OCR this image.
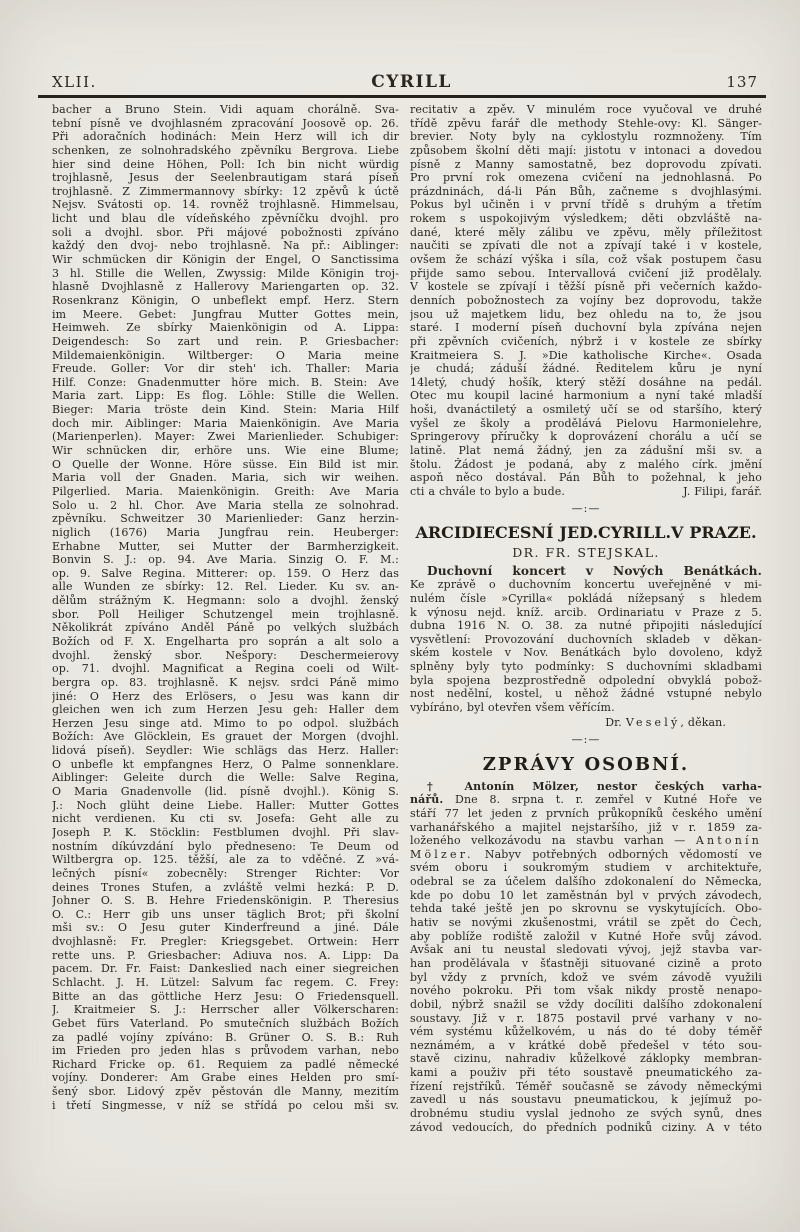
XLII.	CYRILL	137
bacher a Bruno Stein. Vidi aquam chorálně. Sva-
tební písně ve dvojhlasném zpracování Joosově op. 26.
Při adoračních hodinách: Mein Herz will ich dir
schenken, ze solnohradského zpěvníku Bergrova. Liebe
hier sind deine Höhen, Poll: Ich bin nicht würdig
trojhlasně, Jesus der Seelenbrautigam stará píseň
trojhlasně. Z Zimmermannovy sbírky: 12 zpěvů k úctě
Nejsv. Svátosti op. 14. rovněž trojhlasně. Himmelsau,
licht und blau dle vídeňského zpěvníčku dvojhl. pro
soli a dvojhl. sbor. Při májové pobožnosti zpíváno
každý den dvoj- nebo trojhlasně. Na př.: Aiblinger:
Wir schmücken dir Königin der Engel, O Sanctissima
3 hl. Stille die Wellen, Zwyssig: Milde Königin troj-
hlasně Dvojhlasně z Hallerovy Mariengarten op. 32.
Rosenkranz Königin, O unbeflekt empf. Herz. Stern
im Meere. Gebet: Jungfrau Mutter Gottes mein,
Heimweh. Ze sbírky Maienkönigin od A. Lippa:
Deigendesch: So zart und rein. P. Griesbacher:
Mildemaienkönigin. Wiltberger: O Maria meine
Freude. Goller: Vor dir steh' ich. Thaller: Maria
Hilf. Conze: Gnadenmutter höre mich. B. Stein: Ave
Maria zart. Lipp: Es flog. Löhle: Stille die Wellen.
Bieger: Maria tröste dein Kind. Stein: Maria Hilf
doch mir. Aiblinger: Maria Maienkönigin. Ave Maria
(Marienperlen). Mayer: Zwei Marienlieder. Schubiger:
Wir schnücken dir, erhöre uns. Wie eine Blume;
O Quelle der Wonne. Höre süsse. Ein Bild ist mir.
Maria voll der Gnaden. Maria, sich wir weihen.
Pilgerlied. Maria. Maienkönigin. Greith: Ave Maria
Solo u. 2 hl. Chor. Ave Maria stella ze solnohrad.
zpěvníku. Schweitzer 30 Marienlieder: Ganz herzin-
niglich (1676) Maria Jungfrau rein. Heuberger:
Erhabne Mutter, sei Mutter der Barmherzigkeit.
Bonvin S. J.: op. 94. Ave Maria. Sinzig O. F. M.:
op. 9. Salve Regina. Mitterer: op. 159. O Herz das
alle Wunden ze sbírky: 12. Rel. Lieder. Ku sv. an-
dělům strážným K. Hegmann: solo a dvojhl. ženský
sbor. Poll Heiliger Schutzengel mein trojhlasně.
Několikrát zpíváno Anděl Páně po velkých službách
Božích od F. X. Engelharta pro soprán a alt solo a
dvojhl. ženský sbor. Nešpory: Deschermeierovy
op. 71. dvojhl. Magnificat a Regina coeli od Wilt-
bergra op. 83. trojhlasně. K nejsv. srdci Páně mimo
jiné: O Herz des Erlösers, o Jesu was kann dir
gleichen wen ich zum Herzen Jesu geh: Haller dem
Herzen Jesu singe atd. Mimo to po odpol. službách
Božích: Ave Glöcklein, Es grauet der Morgen (dvojhl.
lidová píseň). Seydler: Wie schlägs das Herz. Haller:
O unbefle kt empfangnes Herz, O Palme sonnenklare.
Aiblinger: Geleite durch die Welle: Salve Regina,
O Maria Gnadenvolle (lid. písně dvojhl.). König S.
J.: Noch glüht deine Liebe. Haller: Mutter Gottes
nicht verdienen. Ku cti sv. Josefa: Geht alle zu
Joseph P. K. Stöcklin: Festblumen dvojhl. Při slav-
nostním díkúvzdání bylo předneseno: Te Deum od
Wiltbergra op. 125. těžší, ale za to vděčné. Z »vá-
lečných písní« zobecněly: Strenger Richter: Vor
deines Trones Stufen, a zvláště velmi hezká: P. D.
Johner O. S. B. Hehre Friedenskönigin. P. Theresius
O. C.: Herr gib uns unser täglich Brot; při školní
mši sv.: O Jesu guter Kinderfreund a jiné. Dále
dvojhlasně: Fr. Pregler: Kriegsgebet. Ortwein: Herr
rette uns. P. Griesbacher: Adiuva nos. A. Lipp: Da
pacem. Dr. Fr. Faist: Dankeslied nach einer siegreichen
Schlacht. J. H. Lützel: Salvum fac regem. C. Frey:
Bitte an das göttliche Herz Jesu: O Friedensquell.
J. Kraitmeier S. J.: Herrscher aller Völkerscharen:
Gebet fürs Vaterland. Po smutečních službách Božích
za padlé vojíny zpíváno: B. Grüner O. S. B.: Ruh
im Frieden pro jeden hlas s průvodem varhan, nebo
Richard Fricke op. 61. Requiem za padlé německé
vojíny. Donderer: Am Grabe eines Helden pro smí-
šený sbor. Lidový zpěv pěstován dle Manny, mezitím
i třetí Singmesse, v níž se střídá po celou mši sv.
recitativ a zpěv. V minulém roce vyučoval ve druhé
třídě zpěvu farář dle methody Stehle-ovy: Kl. Sänger-
brevier. Noty byly na cyklostylu rozmnoženy. Tím
způsobem školní děti mají: jistotu v intonaci a dovedou
písně z Manny samostatně, bez doprovodu zpívati.
Pro první rok omezena cvičení na jednohlasná. Po
prázdninách, dá-li Pán Bůh, začneme s dvojhlasými.
Pokus byl učiněn i v první třídě s druhým a třetím
rokem s uspokojivým výsledkem; děti obzvláště na-
dané, které měly zálibu ve zpěvu, měly příležitost
naučiti se zpívati dle not a zpívají také i v kostele,
ovšem že schází výška i síla, což však postupem času
přijde samo sebou. Intervallová cvičení již prodělaly.
V kostele se zpívají i těžší písně při večerních každo-
denních pobožnostech za vojíny bez doprovodu, takže
jsou už majetkem lidu, bez ohledu na to, že jsou
staré. I moderní píseň duchovní byla zpívána nejen
při zpěvních cvičeních, nýbrž i v kostele ze sbírky
Kraitmeiera S. J. »Die katholische Kirche«. Osada
je chudá; záduší žádné. Ředitelem kůru je nyní
14letý, chudý hošík, který stěží dosáhne na pedál.
Otec mu koupil laciné harmonium a nyní také mladší
hoši, dvanáctiletý a osmiletý učí se od staršího, který
vyšel ze školy a prodělává Pielovu Harmonielehre,
Springerovy příručky k doprovázení chorálu a učí se
latině. Plat nemá žádný, jen za zádušní mši sv. a
štolu. Žádost je podaná, aby z malého círk. jmění
aspoň něco dostával. Pán Bůh to požehnal, k jeho
cti a chvále to bylo a bude.	J. Filipi, farář.
—:—
ARCIDIECESNÍ JED.CYRILL.V PRAZE.
DR. FR. STEJSKAL.
Duchovní koncert v Nových Benátkách.
Ke zprávě o duchovním koncertu uveřejněné v mi-
nulém čísle »Cyrilla« pokládá nížepsaný s hledem
k výnosu nejd. kníž. arcib. Ordinariatu v Praze z 5.
dubna 1916 N. O. 38. za nutné připojiti následující
vysvětlení: Provozování duchovních skladeb v děkan-
ském kostele v Nov. Benátkách bylo dovoleno, když
splněny byly tyto podmínky: S duchovními skladbami
byla spojena bezprostředně odpolední obvyklá pobož-
nost nedělní, kostel, u něhož žádné vstupné nebylo
vybíráno, byl otevřen všem věřícím.
Dr. Veselý, děkan.
—:—
ZPRÁVY OSOBNÍ.
† Antonín Mölzer, nestor českých varha-
nářů. Dne 8. srpna t. r. zemřel v Kutné Hoře ve
stáří 77 let jeden z prvních průkopníků českého umění
varhanářského a majitel nejstaršího, již v r. 1859 za-
loženého velkozávodu na stavbu varhan — Antonín
Mölzer. Nabyv potřebných odborných vědomostí ve
svém oboru i soukromým studiem v architektuře,
odebral se za účelem dalšího zdokonalení do Německa,
kde po dobu 10 let zaměstnán byl v prvých závodech,
tehda také ještě jen po skrovnu se vyskytujících. Obo-
hativ se novými zkušenostmi, vrátil se zpět do Čech,
aby poblíže rodiště založil v Kutné Hoře svůj závod.
Avšak ani tu neustal sledovati vývoj, jejž stavba var-
han prodělávala v šťastněji situované cizině a proto
byl vždy z prvních, kdož ve svém závodě využili
nového pokroku. Při tom však nikdy prostě nenapo-
dobil, nýbrž snažil se vždy docíliti dalšího zdokonalení
soustavy. Již v r. 1875 postavil prvé varhany v no-
vém systému kůželkovém, u nás do té doby téměř
neznámém, a v krátké době předešel v této sou-
stavě cizinu, nahradiv kůželkové záklopky membran-
kami a použiv při této soustavě pneumatického za-
řízení rejstříků. Téměř současně se závody německými
zavedl u nás soustavu pneumatickou, k jejímuž po-
drobnému studiu vyslal jednoho ze svých synů, dnes
závod vedoucích, do předních podniků ciziny. A v této
